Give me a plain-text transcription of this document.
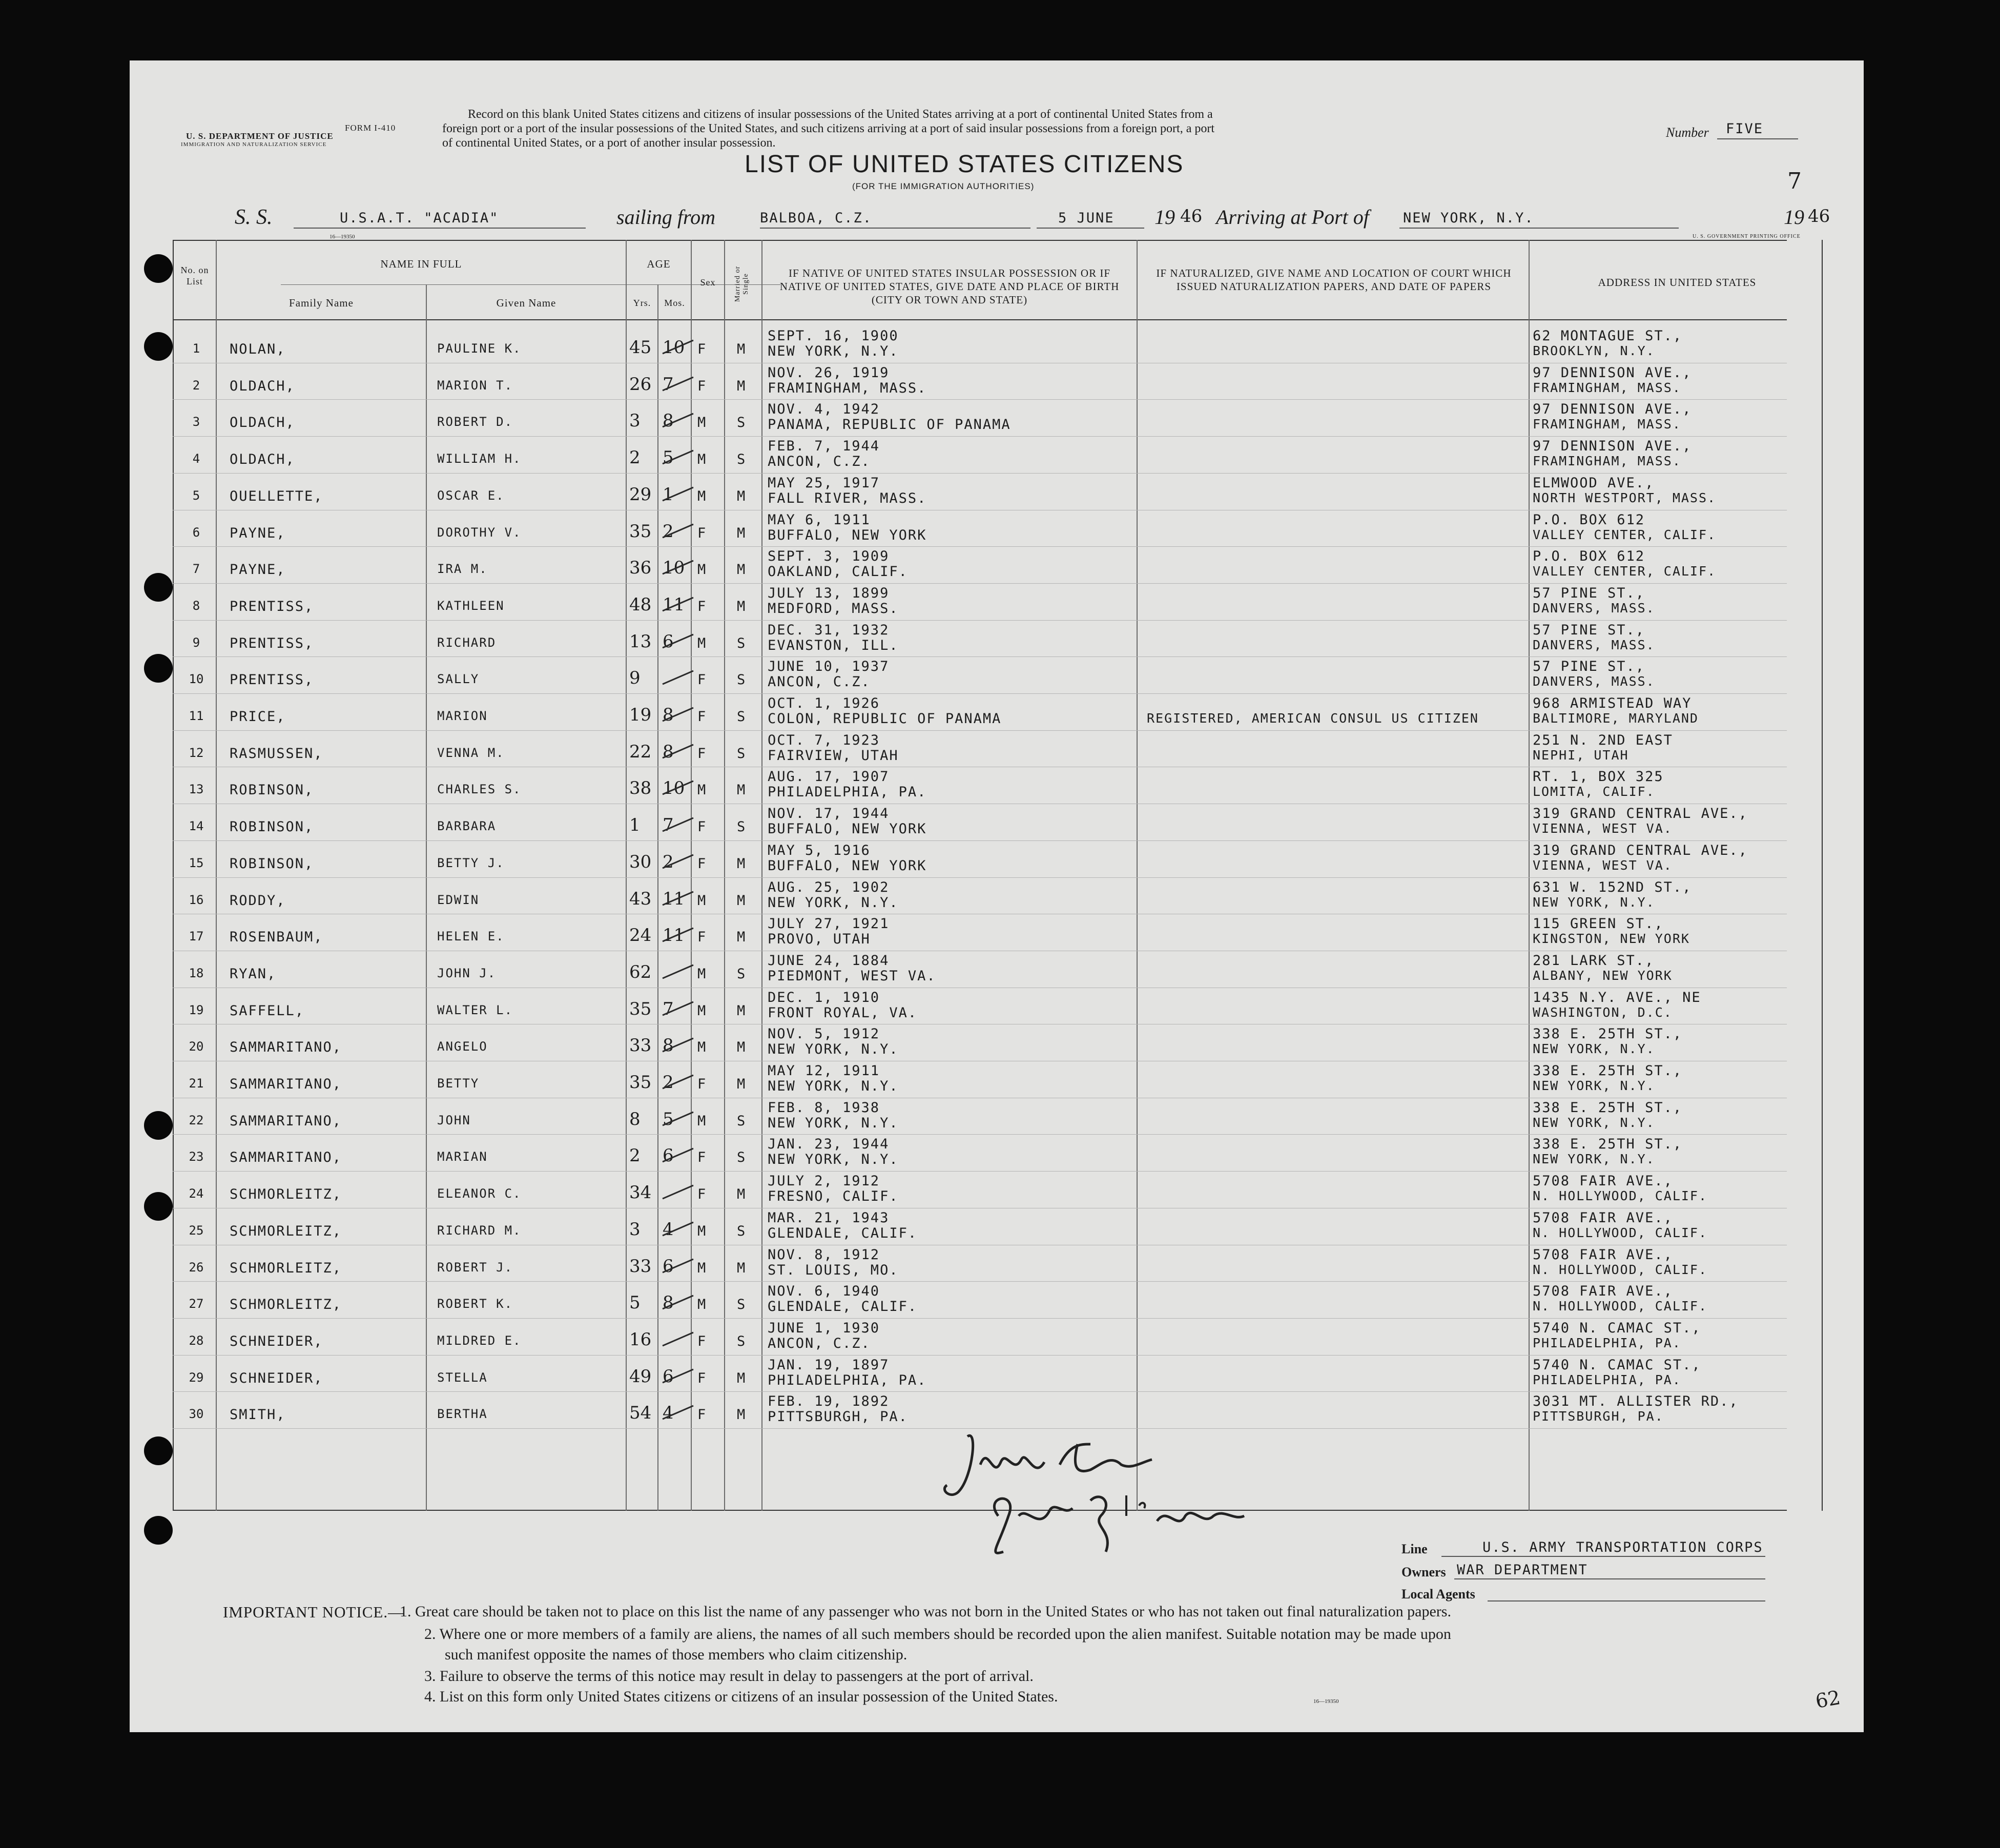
FORM I-410
U. S. DEPARTMENT OF JUSTICE
IMMIGRATION AND NATURALIZATION SERVICE
Record on this blank United States citizens and citizens of insular possessions of the United States arriving at a port of continental United States from a
foreign port or a port of the insular possessions of the United States, and such citizens arriving at a port of said insular possessions from a foreign port, a port
of continental United States, or a port of another insular possession.
Number FIVE
LIST OF UNITED STATES CITIZENS
(FOR THE IMMIGRATION AUTHORITIES)	7
S. S.	U.S.A.T. "ACADIA"	sailing from	BALBOA, C.Z.	5 JUNE 19 46 Arriving at Port of NEW YORK, N.Y.	19 46
16—19350	U. S. GOVERNMENT PRINTING OFFICE
No. on List
NAME IN FULL
Family Name	Given Name
AGE
Yrs.	Mos.
Sex	Married or Single
IF NATIVE OF UNITED STATES INSULAR POSSESSION OR IF NATIVE OF UNITED STATES, GIVE DATE AND PLACE OF BIRTH (CITY OR TOWN AND STATE)
IF NATURALIZED, GIVE NAME AND LOCATION OF COURT WHICH ISSUED NATURALIZATION PAPERS, AND DATE OF PAPERS	ADDRESS IN UNITED STATES
1	NOLAN,	PAULINE K.	45 10 F M
SEPT. 16, 1900
NEW YORK, N.Y.
62 MONTAGUE ST.,
BROOKLYN, N.Y.
2	OLDACH,	MARION T.	26 7 F M
NOV. 26, 1919
FRAMINGHAM, MASS.
97 DENNISON AVE.,
FRAMINGHAM, MASS.
3	OLDACH,	ROBERT D.	3 8 M S
NOV. 4, 1942
PANAMA, REPUBLIC OF PANAMA
97 DENNISON AVE.,
FRAMINGHAM, MASS.
4	OLDACH,	WILLIAM H.	2 5 M S
FEB. 7, 1944
ANCON, C.Z.
97 DENNISON AVE.,
FRAMINGHAM, MASS.
5	OUELLETTE,	OSCAR E.	29 1 M M
MAY 25, 1917
FALL RIVER, MASS.
ELMWOOD AVE.,
NORTH WESTPORT, MASS.
6	PAYNE,	DOROTHY V.	35 2 F M
MAY 6, 1911
BUFFALO, NEW YORK
P.O. BOX 612
VALLEY CENTER, CALIF.
7	PAYNE,	IRA M.	36 10 M M
SEPT. 3, 1909
OAKLAND, CALIF.
P.O. BOX 612
VALLEY CENTER, CALIF.
8	PRENTISS,	KATHLEEN	48 11 F M
JULY 13, 1899
MEDFORD, MASS.
57 PINE ST.,
DANVERS, MASS.
9	PRENTISS,	RICHARD	13 6 M S
DEC. 31, 1932
EVANSTON, ILL.
57 PINE ST.,
DANVERS, MASS.
10 PRENTISS,	SALLY	9	F S
JUNE 10, 1937
ANCON, C.Z.
57 PINE ST.,
DANVERS, MASS.
11 PRICE,	MARION	19 8 F S
OCT. 1, 1926
COLON, REPUBLIC OF PANAMA	REGISTERED, AMERICAN CONSUL US CITIZEN
968 ARMISTEAD WAY
BALTIMORE, MARYLAND
12 RASMUSSEN,	VENNA M.	22 8 F S
OCT. 7, 1923
FAIRVIEW, UTAH
251 N. 2ND EAST
NEPHI, UTAH
13 ROBINSON,	CHARLES S.	38 10 M M
AUG. 17, 1907
PHILADELPHIA, PA.
RT. 1, BOX 325
LOMITA, CALIF.
14 ROBINSON,	BARBARA	1 7 F S
NOV. 17, 1944
BUFFALO, NEW YORK
319 GRAND CENTRAL AVE.,
VIENNA, WEST VA.
15 ROBINSON,	BETTY J.	30 2 F M
MAY 5, 1916
BUFFALO, NEW YORK
319 GRAND CENTRAL AVE.,
VIENNA, WEST VA.
16 RODDY,	EDWIN	43 11 M M
AUG. 25, 1902
NEW YORK, N.Y.
631 W. 152ND ST.,
NEW YORK, N.Y.
17 ROSENBAUM,	HELEN E.	24 11 F M
JULY 27, 1921
PROVO, UTAH
115 GREEN ST.,
KINGSTON, NEW YORK
18 RYAN,	JOHN J.	62	M S
JUNE 24, 1884
PIEDMONT, WEST VA.
281 LARK ST.,
ALBANY, NEW YORK
19 SAFFELL,	WALTER L.	35 7 M M
DEC. 1, 1910
FRONT ROYAL, VA.
1435 N.Y. AVE., NE
WASHINGTON, D.C.
20 SAMMARITANO,	ANGELO	33 8 M M
NOV. 5, 1912
NEW YORK, N.Y.
338 E. 25TH ST.,
NEW YORK, N.Y.
21 SAMMARITANO,	BETTY	35 2 F M
MAY 12, 1911
NEW YORK, N.Y.
338 E. 25TH ST.,
NEW YORK, N.Y.
22 SAMMARITANO,	JOHN	8 5 M S
FEB. 8, 1938
NEW YORK, N.Y.
338 E. 25TH ST.,
NEW YORK, N.Y.
23 SAMMARITANO,	MARIAN	2 6 F S
JAN. 23, 1944
NEW YORK, N.Y.
338 E. 25TH ST.,
NEW YORK, N.Y.
24 SCHMORLEITZ,	ELEANOR C.	34	F M
JULY 2, 1912
FRESNO, CALIF.
5708 FAIR AVE.,
N. HOLLYWOOD, CALIF.
25 SCHMORLEITZ,	RICHARD M.	3 4 M S
MAR. 21, 1943
GLENDALE, CALIF.
5708 FAIR AVE.,
N. HOLLYWOOD, CALIF.
26 SCHMORLEITZ,	ROBERT J.	33 6 M M
NOV. 8, 1912
ST. LOUIS, MO.
5708 FAIR AVE.,
N. HOLLYWOOD, CALIF.
27 SCHMORLEITZ,	ROBERT K.	5 8 M S
NOV. 6, 1940
GLENDALE, CALIF.
5708 FAIR AVE.,
N. HOLLYWOOD, CALIF.
28 SCHNEIDER,	MILDRED E.	16	F S
JUNE 1, 1930
ANCON, C.Z.
5740 N. CAMAC ST.,
PHILADELPHIA, PA.
29 SCHNEIDER,	STELLA	49 6 F M
JAN. 19, 1897
PHILADELPHIA, PA.
5740 N. CAMAC ST.,
PHILADELPHIA, PA.
30 SMITH,	BERTHA	54 4 F M
FEB. 19, 1892
PITTSBURGH, PA.
3031 MT. ALLISTER RD.,
PITTSBURGH, PA.
Line	U.S. ARMY TRANSPORTATION CORPS
Owners WAR DEPARTMENT
Local Agents
IMPORTANT NOTICE.—
1. Great care should be taken not to place on this list the name of any passenger who was not born in the United States or who has not taken out final naturalization papers.
2. Where one or more members of a family are aliens, the names of all such members should be recorded upon the alien manifest. Suitable notation may be made upon
such manifest opposite the names of those members who claim citizenship.
3. Failure to observe the terms of this notice may result in delay to passengers at the port of arrival.
4. List on this form only United States citizens or citizens of an insular possession of the United States.	16—19350	62
